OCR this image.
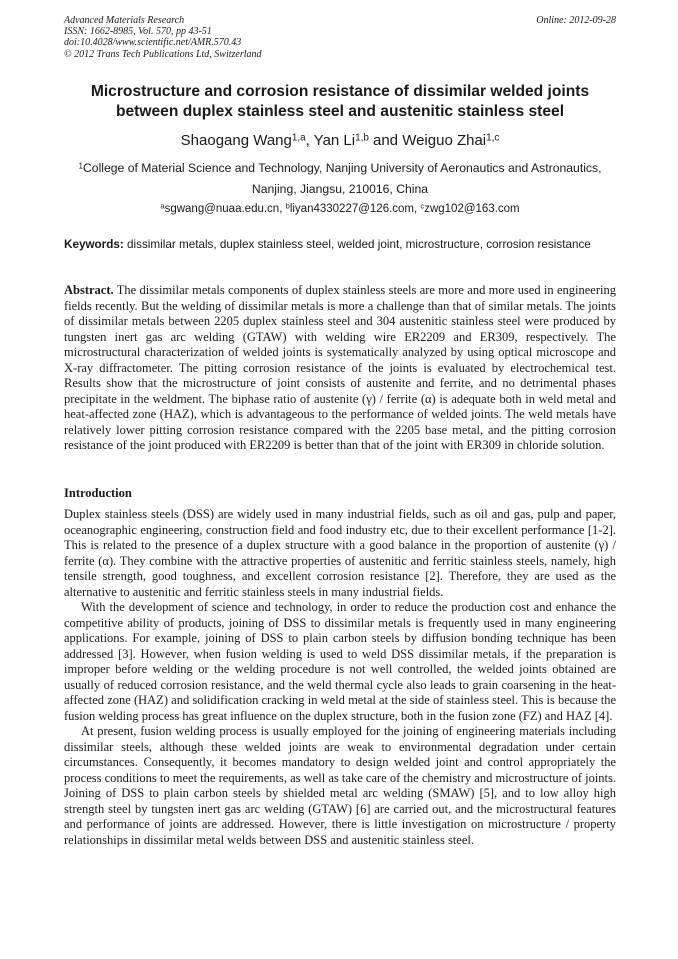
Advanced Materials Research
ISSN: 1662-8985, Vol. 570, pp 43-51
doi:10.4028/www.scientific.net/AMR.570.43
© 2012 Trans Tech Publications Ltd, Switzerland
Online: 2012-09-28
Microstructure and corrosion resistance of dissimilar welded joints between duplex stainless steel and austenitic stainless steel
Shaogang Wang$^{1,a}$, Yan Li$^{1,b}$ and Weiguo Zhai$^{1,c}$
$^1$College of Material Science and Technology, Nanjing University of Aeronautics and Astronautics, Nanjing, Jiangsu, 210016, China
$^a$sgwang@nuaa.edu.cn, $^b$liyan4330227@126.com, $^c$zwg102@163.com
Keywords: dissimilar metals, duplex stainless steel, welded joint, microstructure, corrosion resistance
Abstract. The dissimilar metals components of duplex stainless steels are more and more used in engineering fields recently. But the welding of dissimilar metals is more a challenge than that of similar metals. The joints of dissimilar metals between 2205 duplex stainless steel and 304 austenitic stainless steel were produced by tungsten inert gas arc welding (GTAW) with welding wire ER2209 and ER309, respectively. The microstructural characterization of welded joints is systematically analyzed by using optical microscope and X-ray diffractometer. The pitting corrosion resistance of the joints is evaluated by electrochemical test. Results show that the microstructure of joint consists of austenite and ferrite, and no detrimental phases precipitate in the weldment. The biphase ratio of austenite (γ) / ferrite (α) is adequate both in weld metal and heat-affected zone (HAZ), which is advantageous to the performance of welded joints. The weld metals have relatively lower pitting corrosion resistance compared with the 2205 base metal, and the pitting corrosion resistance of the joint produced with ER2209 is better than that of the joint with ER309 in chloride solution.
Introduction

Duplex stainless steels (DSS) are widely used in many industrial fields, such as oil and gas, pulp and paper, oceanographic engineering, construction field and food industry etc, due to their excellent performance [1-2]. This is related to the presence of a duplex structure with a good balance in the proportion of austenite (γ) / ferrite (α). They combine with the attractive properties of austenitic and ferritic stainless steels, namely, high tensile strength, good toughness, and excellent corrosion resistance [2]. Therefore, they are used as the alternative to austenitic and ferritic stainless steels in many industrial fields.

With the development of science and technology, in order to reduce the production cost and enhance the competitive ability of products, joining of DSS to dissimilar metals is frequently used in many engineering applications. For example, joining of DSS to plain carbon steels by diffusion bonding technique has been addressed [3]. However, when fusion welding is used to weld DSS dissimilar metals, if the preparation is improper before welding or the welding procedure is not well controlled, the welded joints obtained are usually of reduced corrosion resistance, and the weld thermal cycle also leads to grain coarsening in the heat-affected zone (HAZ) and solidification cracking in weld metal at the side of stainless steel. This is because the fusion welding process has great influence on the duplex structure, both in the fusion zone (FZ) and HAZ [4].

At present, fusion welding process is usually employed for the joining of engineering materials including dissimilar steels, although these welded joints are weak to environmental degradation under certain circumstances. Consequently, it becomes mandatory to design welded joint and control appropriately the process conditions to meet the requirements, as well as take care of the chemistry and microstructure of joints. Joining of DSS to plain carbon steels by shielded metal arc welding (SMAW) [5], and to low alloy high strength steel by tungsten inert gas arc welding (GTAW) [6] are carried out, and the microstructural features and performance of joints are addressed. However, there is little investigation on microstructure / property relationships in dissimilar metal welds between DSS and austenitic stainless steel.
